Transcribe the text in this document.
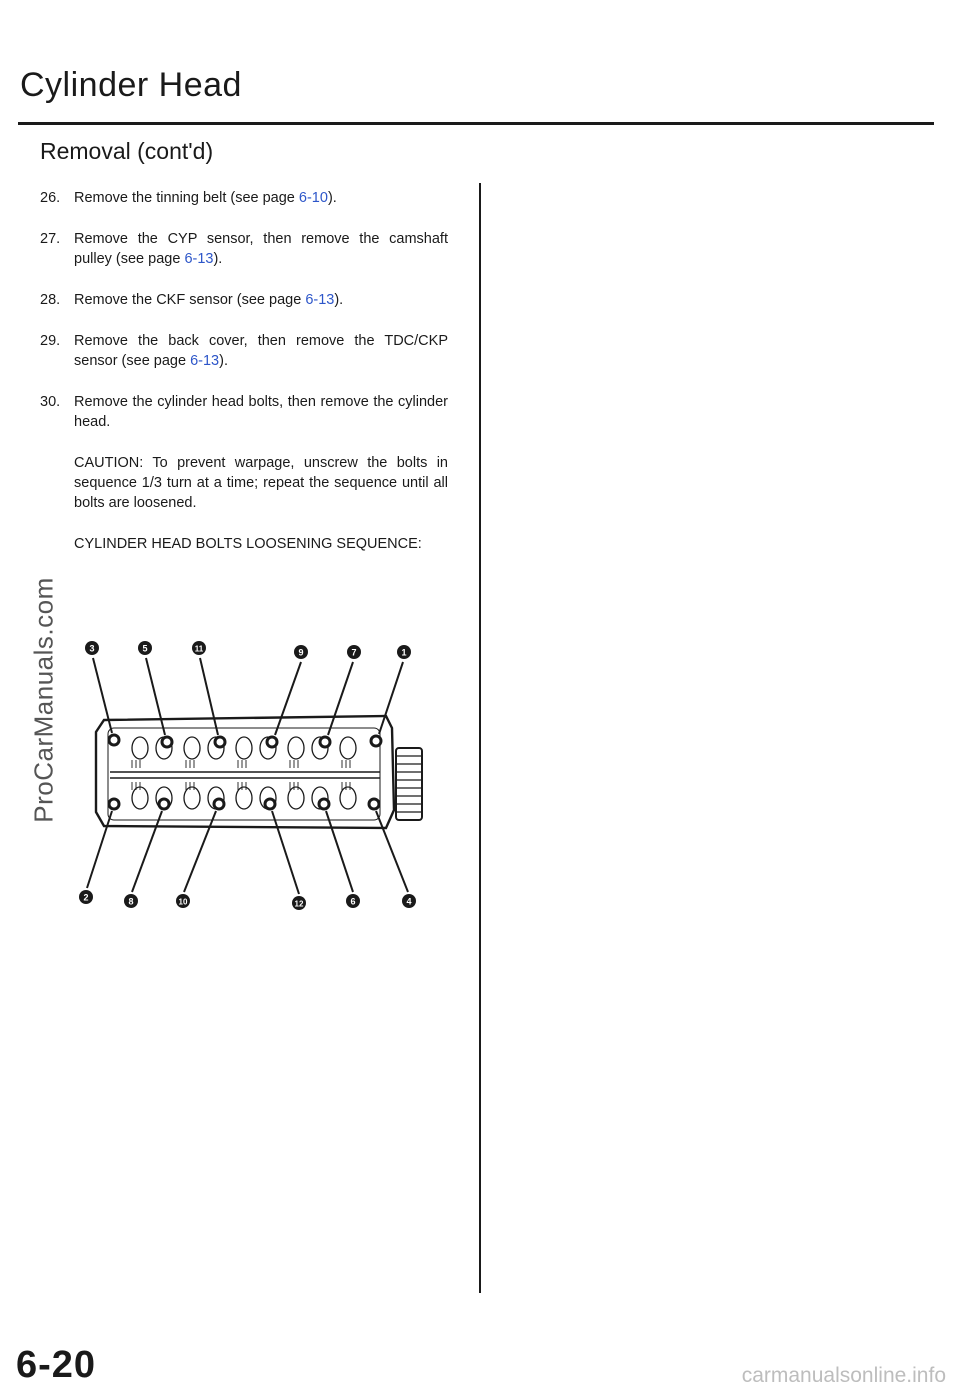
Cylinder Head
Removal (cont'd)
26. Remove the tinning belt (see page 6-10).
27. Remove the CYP sensor, then remove the camshaft pulley (see page 6-13).
28. Remove the CKF sensor (see page 6-13).
29. Remove the back cover, then remove the TDC/CKP sensor (see page 6-13).
30. Remove the cylinder head bolts, then remove the cylinder head.
CAUTION: To prevent warpage, unscrew the bolts in sequence 1/3 turn at a time; repeat the sequence until all bolts are loosened.
CYLINDER HEAD BOLTS LOOSENING SEQUENCE:
3	5	11	9	7	1
2	8	10	12	6	4
ProCarManuals.com
6-20	carmanualsonline.info
